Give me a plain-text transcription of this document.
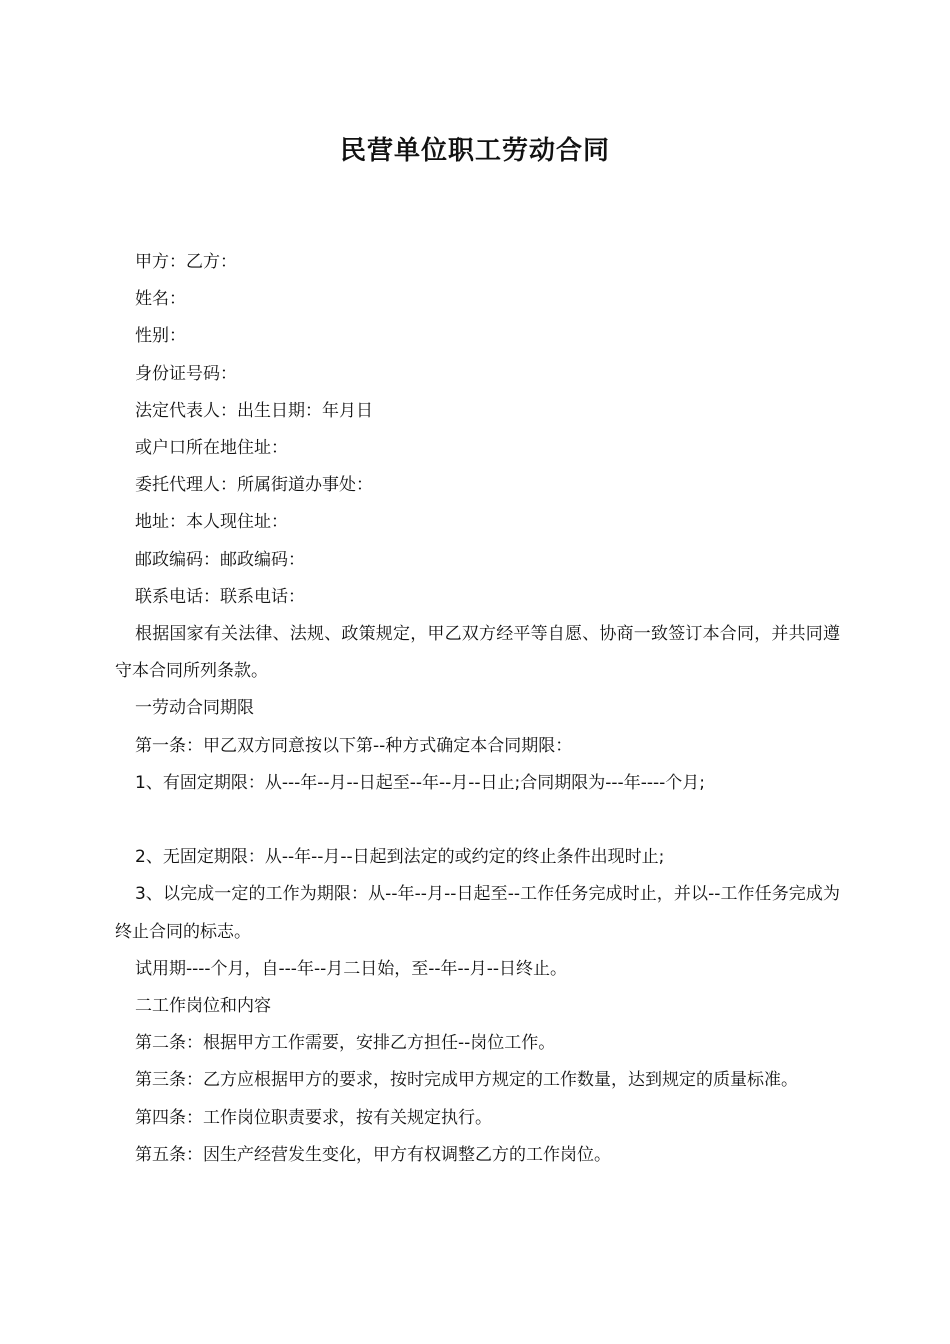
民营单位职工劳动合同

甲方：乙方：

姓名：

性别：

身份证号码：

法定代表人：出生日期：年月日

或户口所在地住址：

委托代理人：所属街道办事处：

地址：本人现住址：

邮政编码：邮政编码：

联系电话：联系电话：

根据国家有关法律、法规、政策规定，甲乙双方经平等自愿、协商一致签订本合同，并共同遵守本合同所列条款。

一劳动合同期限

第一条：甲乙双方同意按以下第--种方式确定本合同期限：

1、有固定期限：从---年--月--日起至--年--月--日止;合同期限为---年----个月;

2、无固定期限：从--年--月--日起到法定的或约定的终止条件出现时止;

3、以完成一定的工作为期限：从--年--月--日起至--工作任务完成时止，并以--工作任务完成为终止合同的标志。

试用期----个月，自---年--月二日始，至--年--月--日终止。

二工作岗位和内容

第二条：根据甲方工作需要，安排乙方担任--岗位工作。

第三条：乙方应根据甲方的要求，按时完成甲方规定的工作数量，达到规定的质量标准。

第四条：工作岗位职责要求，按有关规定执行。

第五条：因生产经营发生变化，甲方有权调整乙方的工作岗位。
